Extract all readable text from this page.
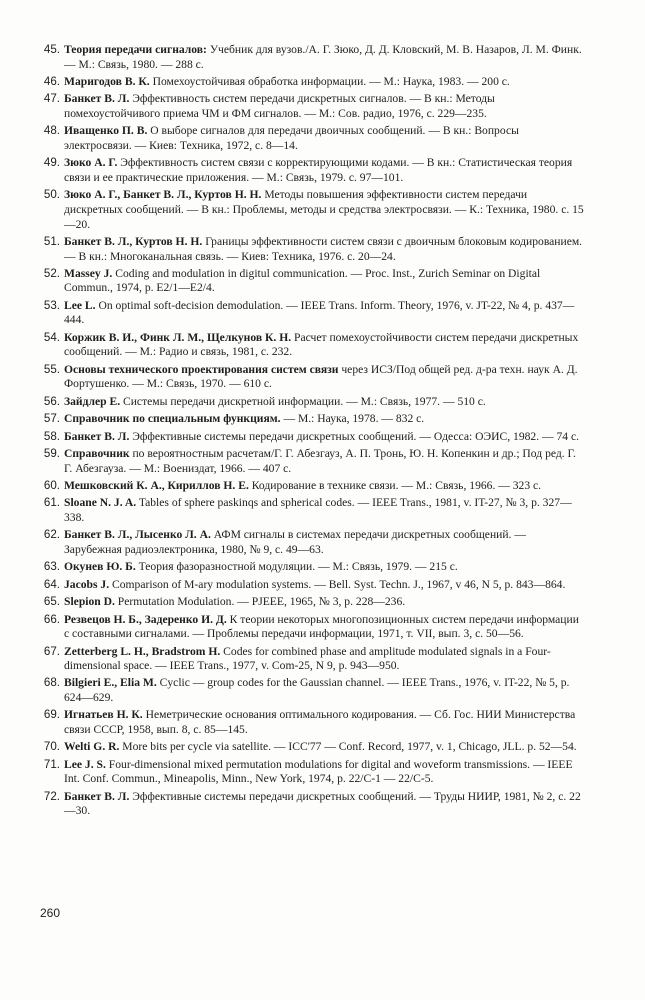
45. Теория передачи сигналов: Учебник для вузов./А. Г. Зюко, Д. Д. Кловский, М. В. Назаров, Л. М. Финк. — М.: Связь, 1980. — 288 с.
46. Маригодов В. К. Помехоустойчивая обработка информации. — М.: Наука, 1983. — 200 с.
47. Банкет В. Л. Эффективность систем передачи дискретных сигналов. — В кн.: Методы помехоустойчивого приема ЧМ и ФМ сигналов. — М.: Сов. радио, 1976, с. 229—235.
48. Иващенко П. В. О выборе сигналов для передачи двоичных сообщений. — В кн.: Вопросы электросвязи. — Киев: Техника, 1972, с. 8—14.
49. Зюко А. Г. Эффективность систем связи с корректирующими кодами. — В кн.: Статистическая теория связи и ее практические приложения. — М.: Связь, 1979. с. 97—101.
50. Зюко А. Г., Банкет В. Л., Куртов Н. Н. Методы повышения эффективности систем передачи дискретных сообщений. — В кн.: Проблемы, методы и средства электросвязи. — К.: Техника, 1980. с. 15—20.
51. Банкет В. Л., Куртов Н. Н. Границы эффективности систем связи с двоичным блоковым кодированием. — В кн.: Многоканальная связь. — Киев: Техника, 1976. с. 20—24.
52. Massey J. Coding and modulation in digitul communication. — Proc. Inst., Zurich Seminar on Digital Commun., 1974, p. E2/1—E2/4.
53. Lee L. On optimal soft-decision demodulation. — IEEE Trans. Inform. Theory, 1976, v. JT-22, № 4, p. 437—444.
54. Коржик В. И., Финк Л. М., Щелкунов К. Н. Расчет помехоустойчивости систем передачи дискретных сообщений. — М.: Радио и связь, 1981, с. 232.
55. Основы технического проектирования систем связи через ИСЗ/Под общей ред. д-ра техн. наук А. Д. Фортушенко. — М.: Связь, 1970. — 610 с.
56. Зайдлер Е. Системы передачи дискретной информации. — М.: Связь, 1977. — 510 с.
57. Справочник по специальным функциям. — М.: Наука, 1978. — 832 с.
58. Банкет В. Л. Эффективные системы передачи дискретных сообщений. — Одесса: ОЭИС, 1982. — 74 с.
59. Справочник по вероятностным расчетам/Г. Г. Абезгауз, А. П. Тронь, Ю. Н. Копенкин и др.; Под ред. Г. Г. Абезгауза. — М.: Воениздат, 1966. — 407 с.
60. Мешковский К. А., Кириллов Н. Е. Кодирование в технике связи. — М.: Связь, 1966. — 323 с.
61. Sloane N. J. A. Tables of sphere paskinqs and spherical codes. — IEEE Trans., 1981, v. IT-27, № 3, p. 327—338.
62. Банкет В. Л., Лысенко Л. А. АФМ сигналы в системах передачи дискретных сообщений. — Зарубежная радиоэлектроника, 1980, № 9, с. 49—63.
63. Окунев Ю. Б. Теория фазоразностной модуляции. — М.: Связь, 1979. — 215 с.
64. Jacobs J. Comparison of M-ary modulation systems. — Bell. Syst. Techn. J., 1967, v 46, N 5, p. 843—864.
65. Slepion D. Permutation Modulation. — PJEEE, 1965, № 3, p. 228—236.
66. Резвецов Н. Б., Задеренко И. Д. К теории некоторых многопозиционных систем передачи информации с составными сигналами. — Проблемы передачи информации, 1971, т. VII, вып. 3, с. 50—56.
67. Zetterberg L. H., Bradstrom H. Codes for combined phase and amplitude modulated signals in a Four-dimensional space. — IEEE Trans., 1977, v. Com-25, N 9, p. 943—950.
68. Bilgieri E., Elia M. Cyclic — group codes for the Gaussian channel. — IEEE Trans., 1976, v. IT-22, № 5, p. 624—629.
69. Игнатьев Н. К. Неметрические основания оптимального кодирования. — Сб. Гос. НИИ Министерства связи СССР, 1958, вып. 8, с. 85—145.
70. Welti G. R. More bits per cycle via satellite. — ICC'77 — Conf. Record, 1977, v. 1, Chicago, JLL. p. 52—54.
71. Lee J. S. Four-dimensional mixed permutation modulations for digital and woveform transmissions. — IEEE Int. Conf. Commun., Mineapolis, Minn., New York, 1974, p. 22/C-1 — 22/C-5.
72. Банкет В. Л. Эффективные системы передачи дискретных сообщений. — Труды НИИР, 1981, № 2, с. 22—30.
260
